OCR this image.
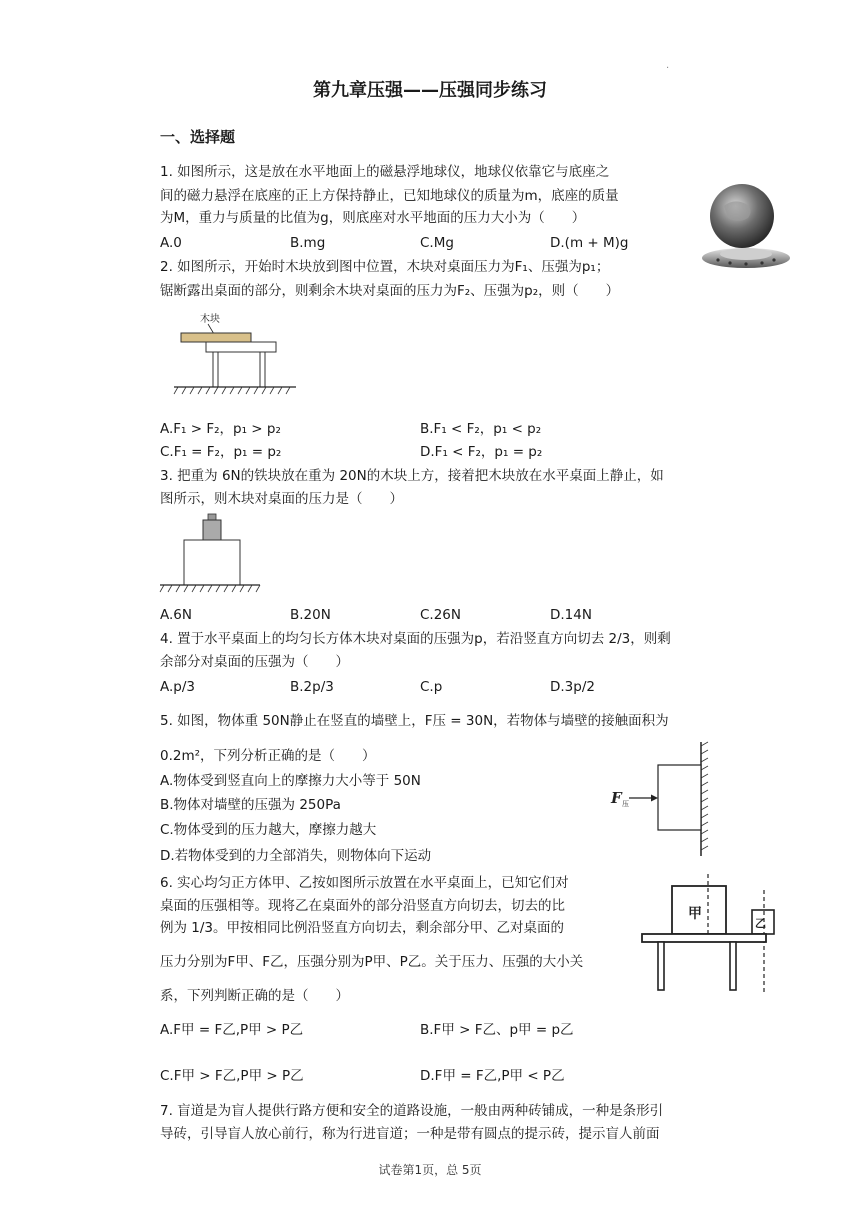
.
第九章压强——压强同步练习
一、选择题
1. 如图所示，这是放在水平地面上的磁悬浮地球仪，地球仪依靠它与底座之
间的磁力悬浮在底座的正上方保持静止，已知地球仪的质量为m，底座的质量
为M，重力与质量的比值为g，则底座对水平地面的压力大小为（　　）
A.0	B.mg	C.Mg	D.(m + M)g
2. 如图所示，开始时木块放到图中位置，木块对桌面压力为F₁、压强为p₁；
锯断露出桌面的部分，则剩余木块对桌面的压力为F₂、压强为p₂，则（　　）
木块
A.F₁ > F₂，p₁ > p₂	B.F₁ < F₂，p₁ < p₂
C.F₁ = F₂，p₁ = p₂	D.F₁ < F₂，p₁ = p₂
3. 把重为 6N的铁块放在重为 20N的木块上方，接着把木块放在水平桌面上静止，如
图所示，则木块对桌面的压力是（　　）
A.6N	B.20N	C.26N	D.14N
4. 置于水平桌面上的均匀长方体木块对桌面的压强为p，若沿竖直方向切去 2/3，则剩
余部分对桌面的压强为（　　）
A.p/3	B.2p/3	C.p	D.3p/2
5. 如图，物体重 50N静止在竖直的墙壁上，F压 = 30N，若物体与墙壁的接触面积为
0.2m²，下列分析正确的是（　　）
A.物体受到竖直向上的摩擦力大小等于 50N
B.物体对墙壁的压强为 250Pa
C.物体受到的压力越大，摩擦力越大
D.若物体受到的力全部消失，则物体向下运动
F 压
6. 实心均匀正方体甲、乙按如图所示放置在水平桌面上，已知它们对
桌面的压强相等。现将乙在桌面外的部分沿竖直方向切去，切去的比
例为 1/3。甲按相同比例沿竖直方向切去，剩余部分甲、乙对桌面的
压力分别为F甲、F乙，压强分别为P甲、P乙。关于压力、压强的大小关
系，下列判断正确的是（　　）
甲
乙
A.F甲 = F乙,P甲 > P乙	B.F甲 > F乙、p甲 = p乙
C.F甲 > F乙,P甲 > P乙	D.F甲 = F乙,P甲 < P乙
7. 盲道是为盲人提供行路方便和安全的道路设施，一般由两种砖铺成，一种是条形引
导砖，引导盲人放心前行，称为行进盲道；一种是带有圆点的提示砖，提示盲人前面
试卷第1页，总 5页
